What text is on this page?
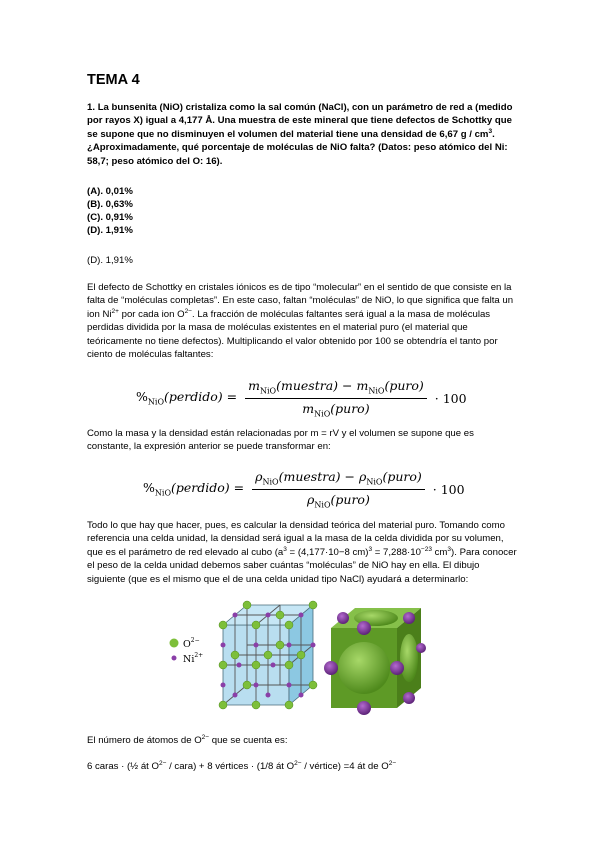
TEMA 4
1. La bunsenita (NiO) cristaliza como la sal común (NaCl), con un parámetro de red a (medido por rayos X) igual a 4,177 Å. Una muestra de este mineral que tiene defectos de Schottky que se supone que no disminuyen el volumen del material tiene una densidad de 6,67 g / $cm^3$. ¿Aproximadamente, qué porcentaje de moléculas de NiO falta? (Datos: peso atómico del Ni: 58,7; peso atómico del O: 16).
(A). 0,01%
(B). 0,63%
(C). 0,91%
(D). 1,91%
(D). 1,91%
El defecto de Schottky en cristales iónicos es de tipo “molecular” en el sentido de que consiste en la falta de “moléculas completas”. En este caso, faltan “moléculas” de NiO, lo que significa que falta un ion $Ni^{2+}$ por cada ion $O^{2-}$. La fracción de moléculas faltantes será igual a la masa de moléculas perdidas dividida por la masa de moléculas existentes en el material puro (el material que teóricamente no tiene defectos). Multiplicando el valor obtenido por 100 se obtendría el tanto por ciento de moléculas faltantes:
$\%_{NiO}(perdido) = \frac{m_{NiO}(muestra) - m_{NiO}(puro)}{m_{NiO}(puro)} \cdot 100$
Como la masa y la densidad están relacionadas por m = rV y el volumen se supone que es constante, la expresión anterior se puede transformar en:
$\%_{NiO}(perdido) = \frac{\rho_{NiO}(muestra) - \rho_{NiO}(puro)}{\rho_{NiO}(puro)} \cdot 100$
Todo lo que hay que hacer, pues, es calcular la densidad teórica del material puro. Tomando como referencia una celda unidad, la densidad será igual a la masa de la celda dividida por su volumen, que es el parámetro de red elevado al cubo ($a^3 = (4,177\cdot 10-8$ $cm)^3 = 7,288\cdot 10^{-23}$ $cm^3$). Para conocer el peso de la celda unidad debemos saber cuántas “moléculas” de NiO hay en ella. El dibujo siguiente (que es el mismo que el de una celda unidad tipo NaCl) ayudará a determinarlo:
$O^{2-}$
$Ni^{2+}$
El número de átomos de $O^{2-}$ que se cuenta es:
6 caras · (½ át $O^{2-}$ / cara) + 8 vértices · (1/8 át $O^{2-}$ / vértice) =4 át de $O^{2-}$
